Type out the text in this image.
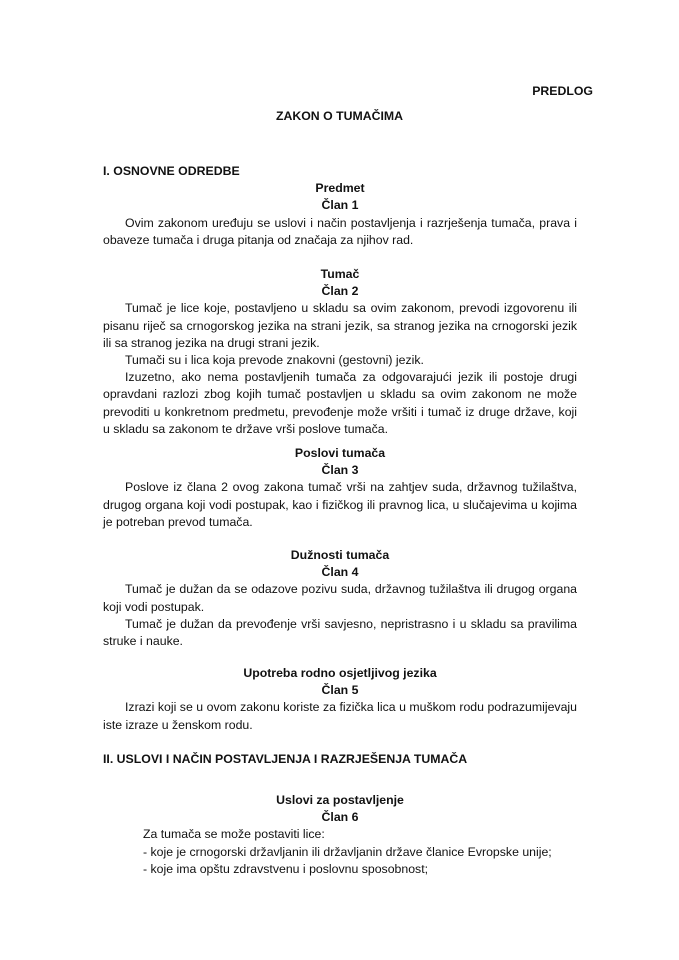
PREDLOG
ZAKON O TUMAČIMA
I. OSNOVNE ODREDBE
Predmet
Član 1
Ovim zakonom uređuju se uslovi i način postavljenja i razrješenja tumača, prava i obaveze tumača i druga pitanja od značaja za njihov rad.
Tumač
Član 2
Tumač je lice koje, postavljeno u skladu sa ovim zakonom, prevodi izgovorenu ili pisanu riječ sa crnogorskog jezika na strani jezik, sa stranog jezika na crnogorski jezik ili sa stranog jezika na drugi strani jezik.
Tumači su i lica koja prevode znakovni (gestovni) jezik.
Izuzetno, ako nema postavljenih tumača za odgovarajući jezik ili postoje drugi opravdani razlozi zbog kojih tumač postavljen u skladu sa ovim zakonom ne može prevoditi u konkretnom predmetu, prevođenje može vršiti i tumač iz druge države, koji u skladu sa zakonom te države vrši poslove tumača.
Poslovi tumača
Član 3
Poslove iz člana 2 ovog zakona tumač vrši na zahtjev suda, državnog tužilaštva, drugog organa koji vodi postupak, kao i fizičkog ili pravnog lica, u slučajevima u kojima je potreban prevod tumača.
Dužnosti tumača
Član 4
Tumač je dužan da se odazove pozivu suda, državnog tužilaštva ili drugog organa koji vodi postupak.
Tumač je dužan da prevođenje vrši savjesno, nepristrasno i u skladu sa pravilima struke i nauke.
Upotreba rodno osjetljivog jezika
Član 5
Izrazi koji se u ovom zakonu koriste za fizička lica u muškom rodu podrazumijevaju iste izraze u ženskom rodu.
II. USLOVI I NAČIN POSTAVLJENJA I RAZRJEŠENJA TUMAČA
Uslovi za postavljenje
Član 6
Za tumača se može postaviti lice:
- koje je crnogorski državljanin ili državljanin države članice Evropske unije;
- koje ima opštu zdravstvenu i poslovnu sposobnost;
